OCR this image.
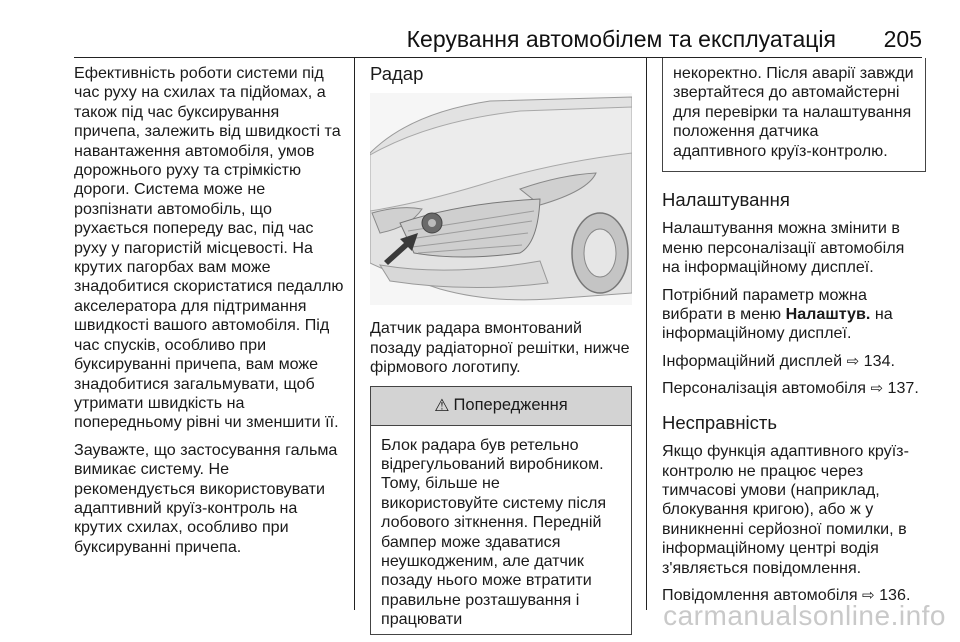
Керування автомобілем та експлуатація 205

Ефективність роботи системи під час руху на схилах та підйомах, а також під час буксирування причепа, залежить від швидкості та навантаження автомобіля, умов дорожнього руху та стрімкістю дороги. Система може не розпізнати автомобіль, що рухається попереду вас, під час руху у пагористій місцевості. На крутих пагорбах вам може знадобитися скористатися педаллю акселератора для підтримання швидкості вашого автомобіля. Під час спусків, особливо при буксируванні причепа, вам може знадобитися загальмувати, щоб утримати швидкість на попередньому рівні чи зменшити її.

Зауважте, що застосування гальма вимикає систему. Не рекомендується використовувати адаптивний круїз-контроль на крутих схилах, особливо при буксируванні причепа.

Радар

Датчик радара вмонтований позаду радіаторної решітки, нижче фірмового логотипу.

⚠ Попередження
Блок радара був ретельно відрегульований виробником. Тому, більше не використовуйте систему після лобового зіткнення. Передній бампер може здаватися неушкодженим, але датчик позаду нього може втратити правильне розташування і працювати
некоректно. Після аварії завжди звертайтеся до автомайстерні для перевірки та налаштування положення датчика адаптивного круїз-контролю.
Налаштування

Налаштування можна змінити в меню персоналізації автомобіля на інформаційному дисплеї.

Потрібний параметр можна вибрати в меню Налаштув. на інформаційному дисплеї.

Інформаційний дисплей ⇨ 134.

Персоналізація автомобіля ⇨ 137.

Несправність

Якщо функція адаптивного круїз-контролю не працює через тимчасові умови (наприклад, блокування кригою), або ж у виникненні серйозної помилки, в інформаційному центрі водія з'являється повідомлення.

Повідомлення автомобіля ⇨ 136.

carmanualsonline.info
